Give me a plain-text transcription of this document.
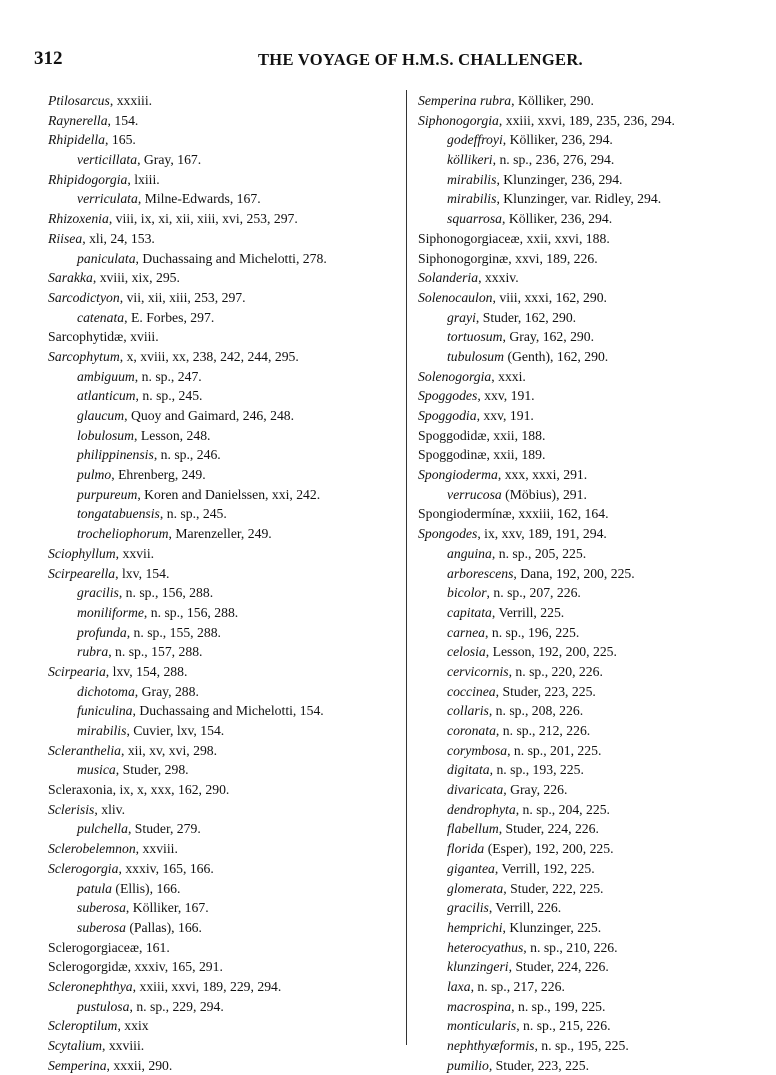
312	THE VOYAGE OF H.M.S. CHALLENGER.
Ptilosarcus, xxxiii.
Raynerella, 154.
Rhipidella, 165.
verticillata, Gray, 167.
Rhipidogorgia, lxiii.
verriculata, Milne-Edwards, 167.
Rhizoxenia, viii, ix, xi, xii, xiii, xvi, 253, 297.
Riisea, xli, 24, 153.
paniculata, Duchassaing and Michelotti, 278.
Sarakka, xviii, xix, 295.
Sarcodictyon, vii, xii, xiii, 253, 297.
catenata, E. Forbes, 297.
Sarcophytidæ, xviii.
Sarcophytum, x, xviii, xx, 238, 242, 244, 295.
ambiguum, n. sp., 247.
atlanticum, n. sp., 245.
glaucum, Quoy and Gaimard, 246, 248.
lobulosum, Lesson, 248.
philippinensis, n. sp., 246.
pulmo, Ehrenberg, 249.
purpureum, Koren and Danielssen, xxi, 242.
tongatabuensis, n. sp., 245.
trocheliophorum, Marenzeller, 249.
Sciophyllum, xxvii.
Scirpearella, lxv, 154.
gracilis, n. sp., 156, 288.
moniliforme, n. sp., 156, 288.
profunda, n. sp., 155, 288.
rubra, n. sp., 157, 288.
Scirpearia, lxv, 154, 288.
dichotoma, Gray, 288.
funiculina, Duchassaing and Michelotti, 154.
mirabilis, Cuvier, lxv, 154.
Scleranthelia, xii, xv, xvi, 298.
musica, Studer, 298.
Scleraxonia, ix, x, xxx, 162, 290.
Sclerisis, xliv.
pulchella, Studer, 279.
Sclerobelemnon, xxviii.
Sclerogorgia, xxxiv, 165, 166.
patula (Ellis), 166.
suberosa, Kölliker, 167.
suberosa (Pallas), 166.
Sclerogorgiaceæ, 161.
Sclerogorgidæ, xxxiv, 165, 291.
Scleronephthya, xxiii, xxvi, 189, 229, 294.
pustulosa, n. sp., 229, 294.
Scleroptilum, xxix
Scytalium, xxviii.
Semperina, xxxii, 290.
Semperina rubra, Kölliker, 290.
Siphonogorgia, xxiii, xxvi, 189, 235, 236, 294.
godeffroyi, Kölliker, 236, 294.
köllikeri, n. sp., 236, 276, 294.
mirabilis, Klunzinger, 236, 294.
mirabilis, Klunzinger, var. Ridley, 294.
squarrosa, Kölliker, 236, 294.
Siphonogorgiaceæ, xxii, xxvi, 188.
Siphonogorginæ, xxvi, 189, 226.
Solanderia, xxxiv.
Solenocaulon, viii, xxxi, 162, 290.
grayi, Studer, 162, 290.
tortuosum, Gray, 162, 290.
tubulosum (Genth), 162, 290.
Solenogorgia, xxxi.
Spoggodes, xxv, 191.
Spoggodia, xxv, 191.
Spoggodidæ, xxii, 188.
Spoggodinæ, xxii, 189.
Spongioderma, xxx, xxxi, 291.
verrucosa (Möbius), 291.
Spongiodermínæ, xxxiii, 162, 164.
Spongodes, ix, xxv, 189, 191, 294.
anguina, n. sp., 205, 225.
arborescens, Dana, 192, 200, 225.
bicolor, n. sp., 207, 226.
capitata, Verrill, 225.
carnea, n. sp., 196, 225.
celosia, Lesson, 192, 200, 225.
cervicornis, n. sp., 220, 226.
coccinea, Studer, 223, 225.
collaris, n. sp., 208, 226.
coronata, n. sp., 212, 226.
corymbosa, n. sp., 201, 225.
digitata, n. sp., 193, 225.
divaricata, Gray, 226.
dendrophyta, n. sp., 204, 225.
flabellum, Studer, 224, 226.
florida (Esper), 192, 200, 225.
gigantea, Verrill, 192, 225.
glomerata, Studer, 222, 225.
gracilis, Verrill, 226.
hemprichi, Klunzinger, 225.
heterocyathus, n. sp., 210, 226.
klunzingeri, Studer, 224, 226.
laxa, n. sp., 217, 226.
macrospina, n. sp., 199, 225.
monticularis, n. sp., 215, 226.
nephthyæformis, n. sp., 195, 225.
pumilio, Studer, 223, 225.
